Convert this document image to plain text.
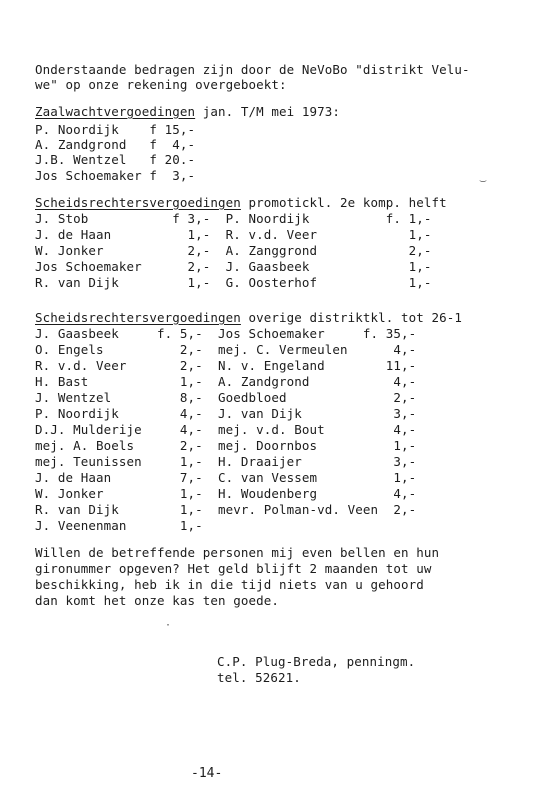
Onderstaande bedragen zijn door de NeVoBo "distrikt Velu-
we" op onze rekening overgeboekt:
Zaalwachtvergoedingen jan. T/M mei 1973:
P. Noordijk    f 15,-
A. Zandgrond   f  4,-
J.B. Wentzel   f 20.-
Jos Schoemaker f  3,-
Scheidsrechtersvergoedingen promotickl. 2e komp. helft
J. Stob           f 3,-  P. Noordijk          f. 1,-
J. de Haan          1,-  R. v.d. Veer            1,-
W. Jonker           2,-  A. Zanggrond            2,-
Jos Schoemaker      2,-  J. Gaasbeek             1,-
R. van Dijk         1,-  G. Oosterhof            1,-
Scheidsrechtersvergoedingen overige distriktkl. tot 26-1
J. Gaasbeek     f. 5,-  Jos Schoemaker     f. 35,-
O. Engels          2,-  mej. C. Vermeulen      4,-
R. v.d. Veer       2,-  N. v. Engeland        11,-
H. Bast            1,-  A. Zandgrond           4,-
J. Wentzel         8,-  Goedbloed              2,-
P. Noordijk        4,-  J. van Dijk            3,-
D.J. Mulderije     4,-  mej. v.d. Bout         4,-
mej. A. Boels      2,-  mej. Doornbos          1,-
mej. Teunissen     1,-  H. Draaijer            3,-
J. de Haan         7,-  C. van Vessem          1,-
W. Jonker          1,-  H. Woudenberg          4,-
R. van Dijk        1,-  mevr. Polman-vd. Veen  2,-
J. Veenenman       1,-
Willen de betreffende personen mij even bellen en hun
gironummer opgeven? Het geld blijft 2 maanden tot uw
beschikking, heb ik in die tijd niets van u gehoord
dan komt het onze kas ten goede.
C.P. Plug-Breda, penningm.
tel. 52621.
-14-
‿
·
